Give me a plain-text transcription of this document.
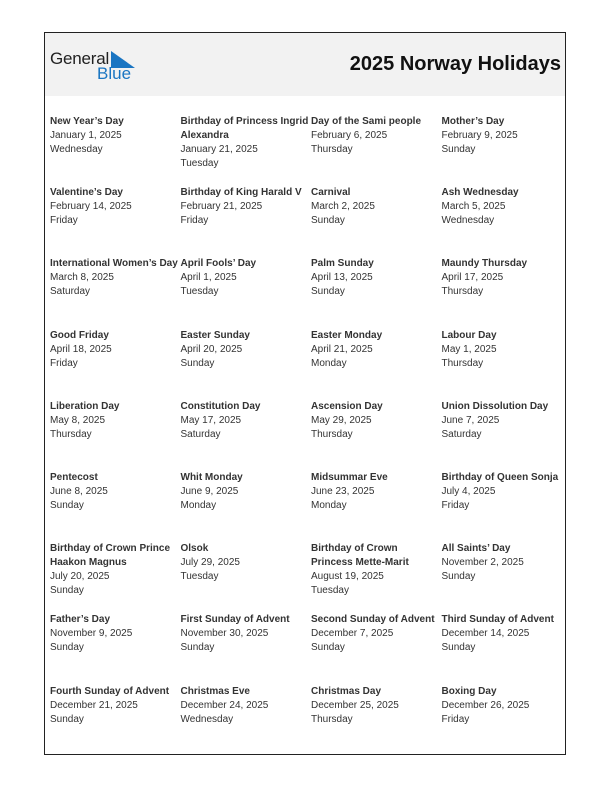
General
Blue	2025 Norway Holidays
New Year’s Day
January 1, 2025
Wednesday
Birthday of Princess Ingrid Alexandra
January 21, 2025
Tuesday
Day of the Sami people
February 6, 2025
Thursday
Mother’s Day
February 9, 2025
Sunday
Valentine’s Day
February 14, 2025
Friday
Birthday of King Harald V
February 21, 2025
Friday
Carnival
March 2, 2025
Sunday
Ash Wednesday
March 5, 2025
Wednesday
International Women’s Day
March 8, 2025
Saturday
April Fools’ Day
April 1, 2025
Tuesday
Palm Sunday
April 13, 2025
Sunday
Maundy Thursday
April 17, 2025
Thursday
Good Friday
April 18, 2025
Friday
Easter Sunday
April 20, 2025
Sunday
Easter Monday
April 21, 2025
Monday
Labour Day
May 1, 2025
Thursday
Liberation Day
May 8, 2025
Thursday
Constitution Day
May 17, 2025
Saturday
Ascension Day
May 29, 2025
Thursday
Union Dissolution Day
June 7, 2025
Saturday
Pentecost
June 8, 2025
Sunday
Whit Monday
June 9, 2025
Monday
Midsummar Eve
June 23, 2025
Monday
Birthday of Queen Sonja
July 4, 2025
Friday
Birthday of Crown Prince Haakon Magnus
July 20, 2025
Sunday
Olsok
July 29, 2025
Tuesday
Birthday of Crown Princess Mette-Marit
August 19, 2025
Tuesday
All Saints’ Day
November 2, 2025
Sunday
Father’s Day
November 9, 2025
Sunday
First Sunday of Advent
November 30, 2025
Sunday
Second Sunday of Advent
December 7, 2025
Sunday
Third Sunday of Advent
December 14, 2025
Sunday
Fourth Sunday of Advent
December 21, 2025
Sunday
Christmas Eve
December 24, 2025
Wednesday
Christmas Day
December 25, 2025
Thursday
Boxing Day
December 26, 2025
Friday
